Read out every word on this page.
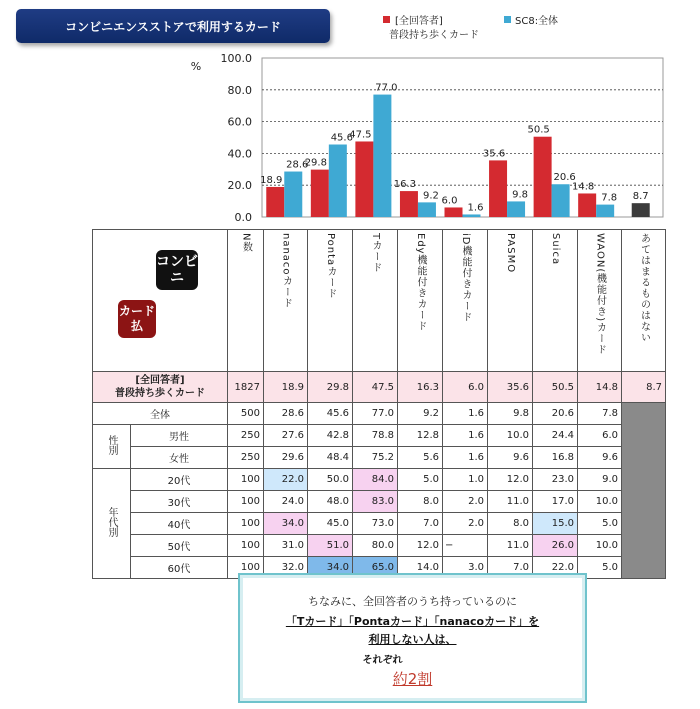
コンビニエンスストアで利用するカード	[全回答者]
普段持ち歩くカード
SC8:全体
0.0
20.0
40.0
60.0
80.0
100.0
18.9
28.6
29.8
45.6
47.5
77.0
16.3
9.2 6.0
1.6
35.6
9.8
50.5
20.6
14.8
7.8 8.7
%
コンビニ
カード払

		N数	nanacoカード	Pontaカード	Tカード	Edy機能付きカード	iD機能付きカード	PASMO	Suica	WAON(機能付き)カード	あてはまるものはない

[全回答者]
普段持ち歩くカード		1827	18.9	29.8	47.5	16.3	6.0	35.6	50.5	14.8	8.7
全体		500	28.6	45.6	77.0	9.2	1.6	9.8	20.6	7.8	
性別	男性	250	27.6	42.8	78.8	12.8	1.6	10.0	24.4	6.0	
	女性	250	29.6	48.4	75.2	5.6	1.6	9.6	16.8	9.6	
年代別	20代	100	22.0	50.0	84.0	5.0	1.0	12.0	23.0	9.0	
	30代	100	24.0	48.0	83.0	8.0	2.0	11.0	17.0	10.0	
	40代	100	34.0	45.0	73.0	7.0	2.0	8.0	15.0	5.0	
	50代	100	31.0	51.0	80.0	12.0	−	11.0	26.0	10.0	
	60代	100	32.0	34.0	65.0	14.0	3.0	7.0	22.0	5.0	
ちなみに、全回答者のうち持っているのに
「Tカード」「Pontaカード」「nanacoカード」を
利用しない人は、
それぞれ
約2割
